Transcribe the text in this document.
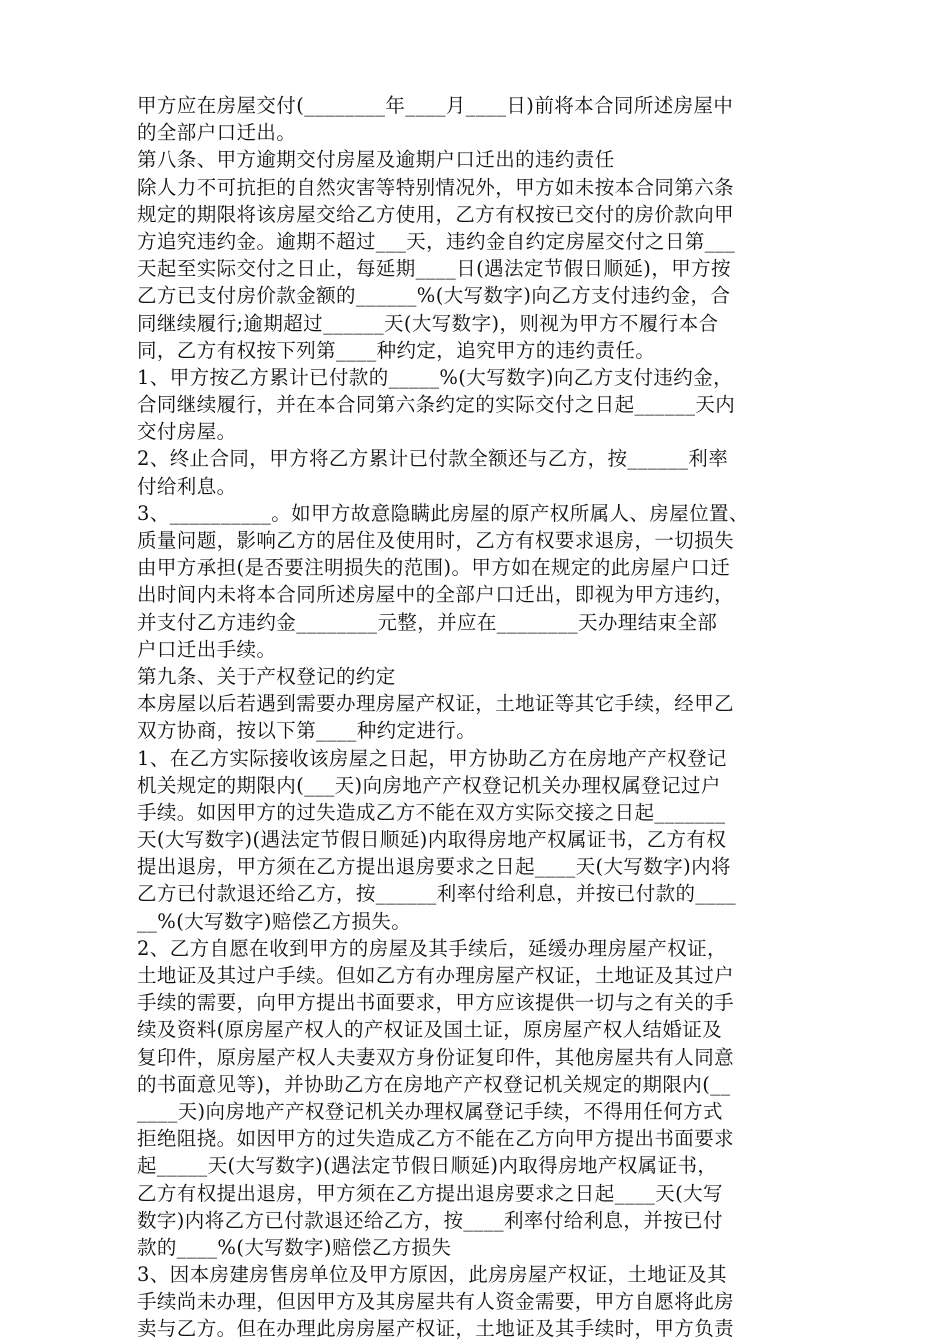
甲方应在房屋交付(________年____月____日)前将本合同所述房屋中
的全部户口迁出。
第八条、甲方逾期交付房屋及逾期户口迁出的违约责任
除人力不可抗拒的自然灾害等特别情况外，甲方如未按本合同第六条
规定的期限将该房屋交给乙方使用，乙方有权按已交付的房价款向甲
方追究违约金。逾期不超过___天，违约金自约定房屋交付之日第___
天起至实际交付之日止，每延期____日(遇法定节假日顺延)，甲方按
乙方已支付房价款金额的______%(大写数字)向乙方支付违约金，合
同继续履行;逾期超过______天(大写数字)，则视为甲方不履行本合
同，乙方有权按下列第____种约定，追究甲方的违约责任。
1、甲方按乙方累计已付款的_____%(大写数字)向乙方支付违约金，
合同继续履行，并在本合同第六条约定的实际交付之日起______天内
交付房屋。
2、终止合同，甲方将乙方累计已付款全额还与乙方，按______利率
付给利息。
3、__________。如甲方故意隐瞒此房屋的原产权所属人、房屋位置、
质量问题，影响乙方的居住及使用时，乙方有权要求退房，一切损失
由甲方承担(是否要注明损失的范围)。甲方如在规定的此房屋户口迁
出时间内未将本合同所述房屋中的全部户口迁出，即视为甲方违约，
并支付乙方违约金________元整，并应在________天办理结束全部
户口迁出手续。
第九条、关于产权登记的约定
本房屋以后若遇到需要办理房屋产权证，土地证等其它手续，经甲乙
双方协商，按以下第____种约定进行。
1、在乙方实际接收该房屋之日起，甲方协助乙方在房地产产权登记
机关规定的期限内(___天)向房地产产权登记机关办理权属登记过户
手续。如因甲方的过失造成乙方不能在双方实际交接之日起_______
天(大写数字)(遇法定节假日顺延)内取得房地产权属证书，乙方有权
提出退房，甲方须在乙方提出退房要求之日起____天(大写数字)内将
乙方已付款退还给乙方，按______利率付给利息，并按已付款的____
__%(大写数字)赔偿乙方损失。
2、乙方自愿在收到甲方的房屋及其手续后，延缓办理房屋产权证，
土地证及其过户手续。但如乙方有办理房屋产权证，土地证及其过户
手续的需要，向甲方提出书面要求，甲方应该提供一切与之有关的手
续及资料(原房屋产权人的产权证及国土证，原房屋产权人结婚证及
复印件，原房屋产权人夫妻双方身份证复印件，其他房屋共有人同意
的书面意见等)，并协助乙方在房地产产权登记机关规定的期限内(__
____天)向房地产产权登记机关办理权属登记手续，不得用任何方式
拒绝阻挠。如因甲方的过失造成乙方不能在乙方向甲方提出书面要求
起_____天(大写数字)(遇法定节假日顺延)内取得房地产权属证书，
乙方有权提出退房，甲方须在乙方提出退房要求之日起____天(大写
数字)内将乙方已付款退还给乙方，按____利率付给利息，并按已付
款的____%(大写数字)赔偿乙方损失
3、因本房建房售房单位及甲方原因，此房房屋产权证，土地证及其
手续尚未办理，但因甲方及其房屋共有人资金需要，甲方自愿将此房
卖与乙方。但在办理此房房屋产权证，土地证及其手续时，甲方负责
